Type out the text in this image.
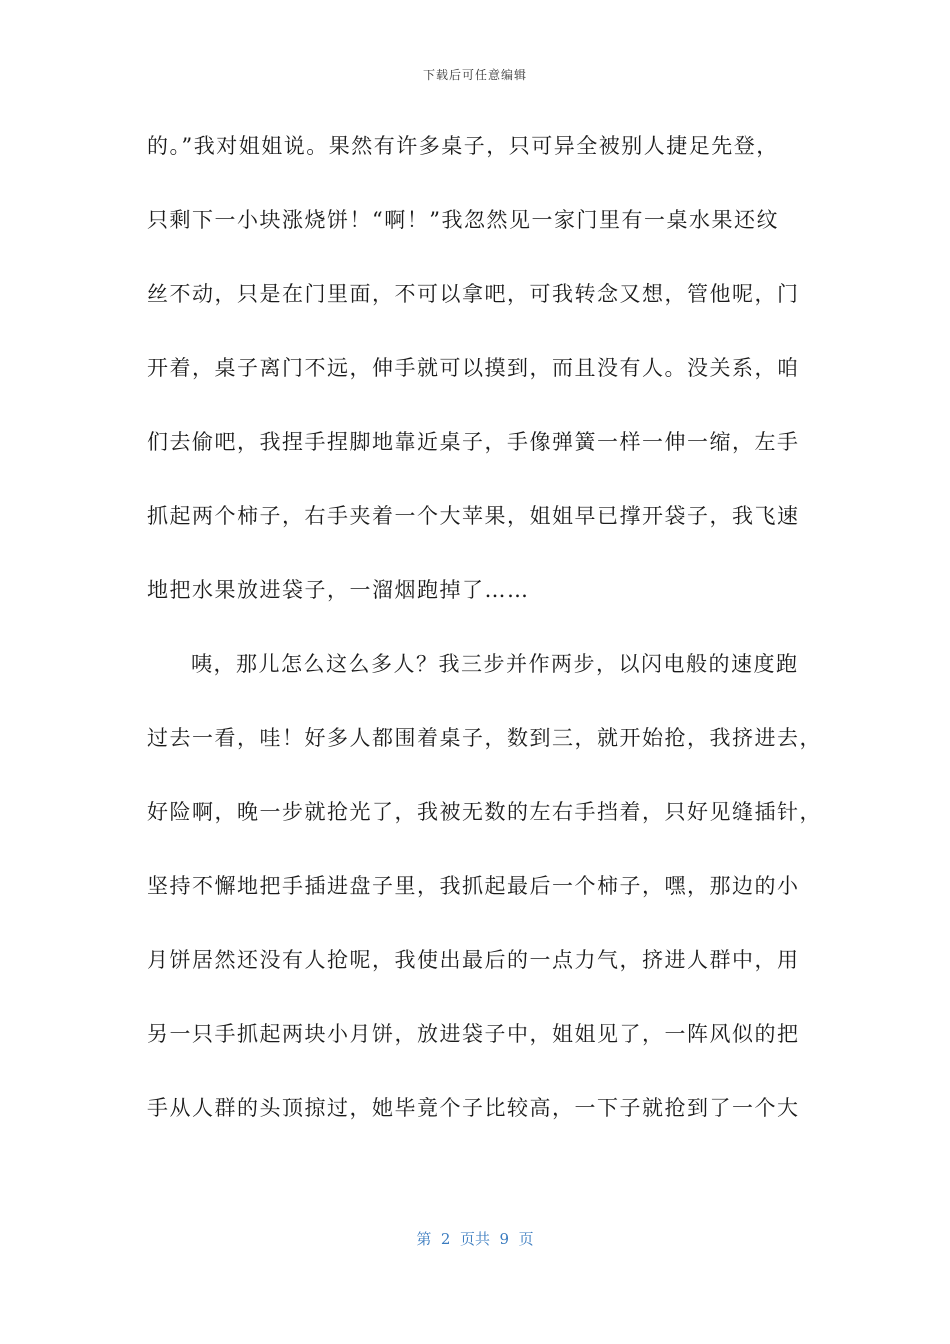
下载后可任意编辑
的。”我对姐姐说。果然有许多桌子，只可异全被别人捷足先登，
只剩下一小块涨烧饼！“啊！”我忽然见一家门里有一桌水果还纹
丝不动，只是在门里面，不可以拿吧，可我转念又想，管他呢，门
开着，桌子离门不远，伸手就可以摸到，而且没有人。没关系，咱
们去偷吧，我捏手捏脚地靠近桌子，手像弹簧一样一伸一缩，左手
抓起两个柿子，右手夹着一个大苹果，姐姐早已撑开袋子，我飞速
地把水果放进袋子，一溜烟跑掉了……
咦，那儿怎么这么多人？我三步并作两步，以闪电般的速度跑
过去一看，哇！好多人都围着桌子，数到三，就开始抢，我挤进去，
好险啊，晚一步就抢光了，我被无数的左右手挡着，只好见缝插针，
坚持不懈地把手插进盘子里，我抓起最后一个柿子，嘿，那边的小
月饼居然还没有人抢呢，我使出最后的一点力气，挤进人群中，用
另一只手抓起两块小月饼，放进袋子中，姐姐见了，一阵风似的把
手从人群的头顶掠过，她毕竟个子比较高，一下子就抢到了一个大
第  2  页共  9  页
